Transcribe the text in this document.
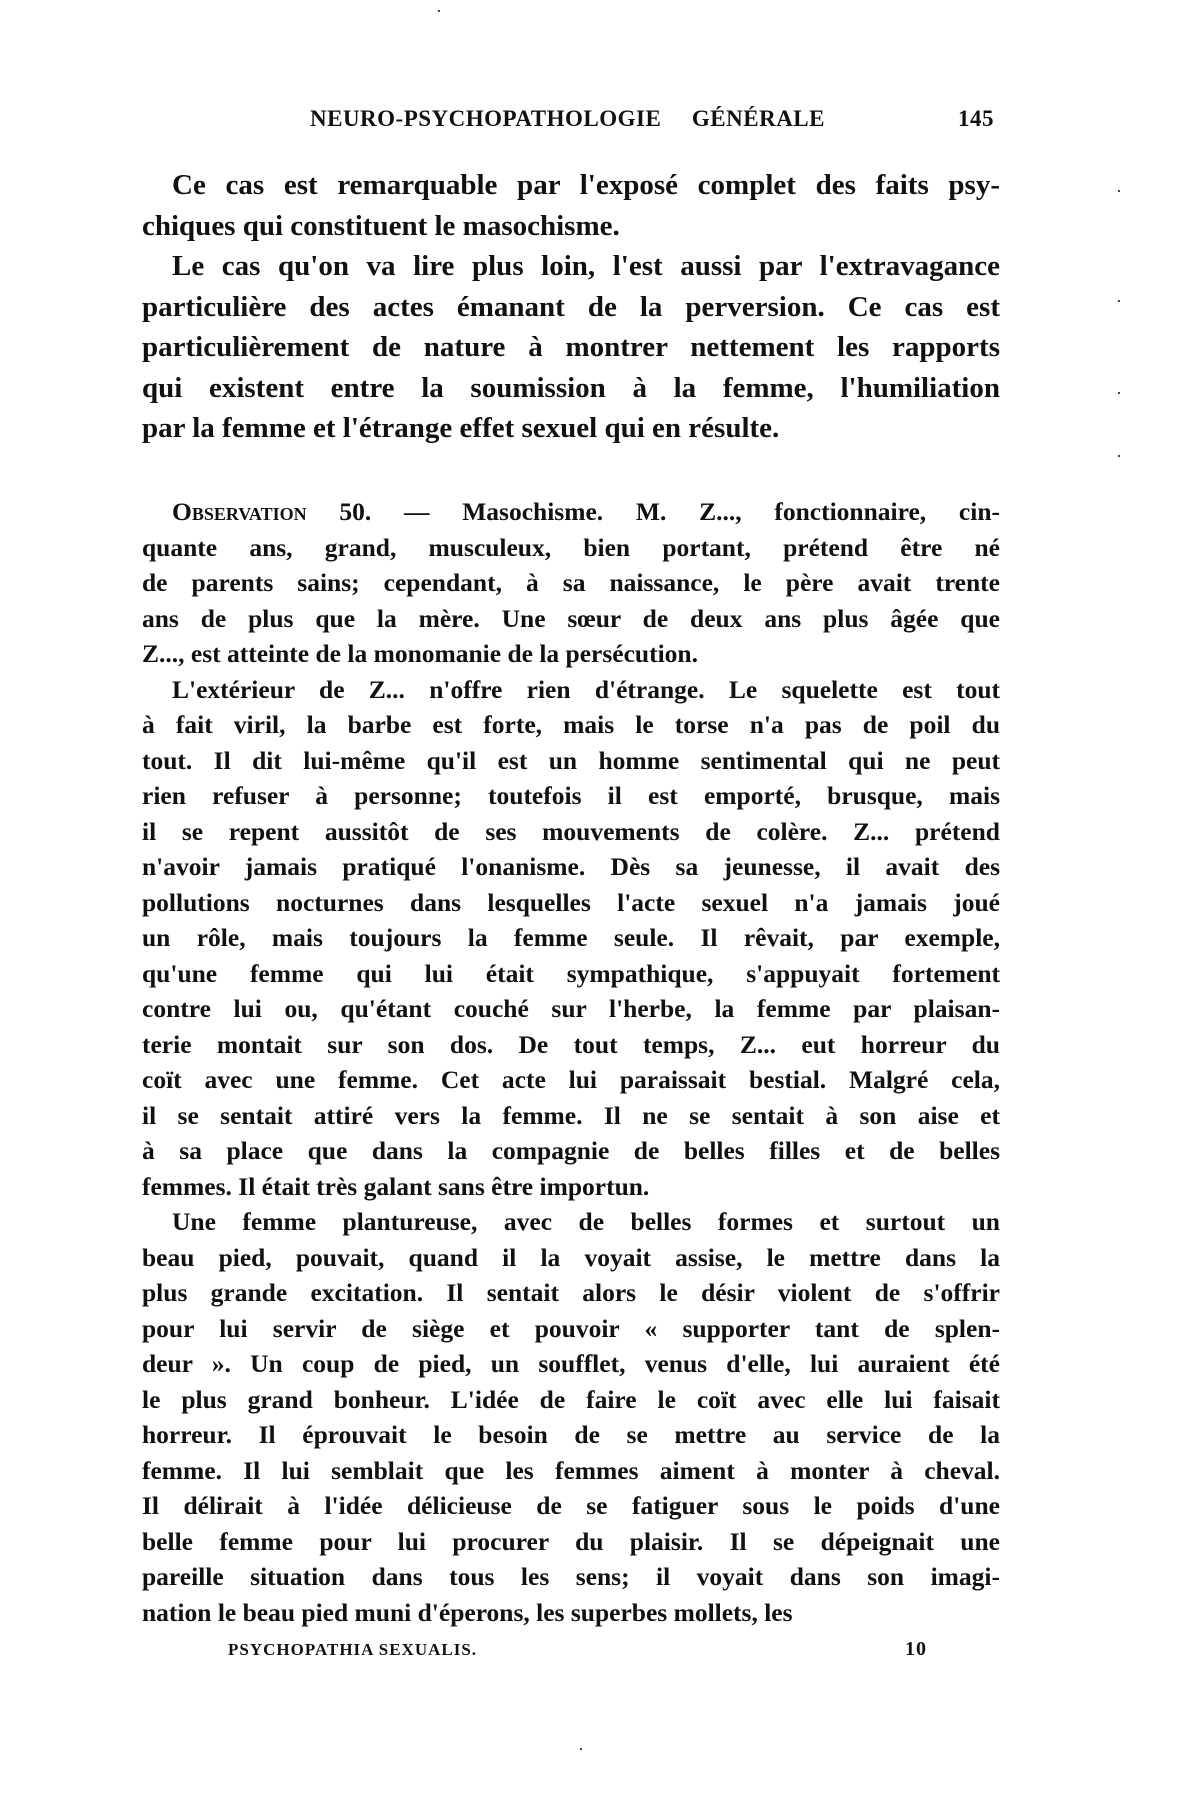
NEURO-PSYCHOPATHOLOGIE GÉNÉRALE	145
Ce cas est remarquable par l'exposé complet des faits psy-
chiques qui constituent le masochisme.
Le cas qu'on va lire plus loin, l'est aussi par l'extravagance
particulière des actes émanant de la perversion. Ce cas est
particulièrement de nature à montrer nettement les rapports
qui existent entre la soumission à la femme, l'humiliation
par la femme et l'étrange effet sexuel qui en résulte.
Observation 50. — Masochisme. M. Z..., fonctionnaire, cin-
quante ans, grand, musculeux, bien portant, prétend être né
de parents sains; cependant, à sa naissance, le père avait trente
ans de plus que la mère. Une sœur de deux ans plus âgée que
Z..., est atteinte de la monomanie de la persécution.
L'extérieur de Z... n'offre rien d'étrange. Le squelette est tout
à fait viril, la barbe est forte, mais le torse n'a pas de poil du
tout. Il dit lui-même qu'il est un homme sentimental qui ne peut
rien refuser à personne; toutefois il est emporté, brusque, mais
il se repent aussitôt de ses mouvements de colère. Z... prétend
n'avoir jamais pratiqué l'onanisme. Dès sa jeunesse, il avait des
pollutions nocturnes dans lesquelles l'acte sexuel n'a jamais joué
un rôle, mais toujours la femme seule. Il rêvait, par exemple,
qu'une femme qui lui était sympathique, s'appuyait fortement
contre lui ou, qu'étant couché sur l'herbe, la femme par plaisan-
terie montait sur son dos. De tout temps, Z... eut horreur du
coït avec une femme. Cet acte lui paraissait bestial. Malgré cela,
il se sentait attiré vers la femme. Il ne se sentait à son aise et
à sa place que dans la compagnie de belles filles et de belles
femmes. Il était très galant sans être importun.
Une femme plantureuse, avec de belles formes et surtout un
beau pied, pouvait, quand il la voyait assise, le mettre dans la
plus grande excitation. Il sentait alors le désir violent de s'offrir
pour lui servir de siège et pouvoir « supporter tant de splen-
deur ». Un coup de pied, un soufflet, venus d'elle, lui auraient été
le plus grand bonheur. L'idée de faire le coït avec elle lui faisait
horreur. Il éprouvait le besoin de se mettre au service de la
femme. Il lui semblait que les femmes aiment à monter à cheval.
Il délirait à l'idée délicieuse de se fatiguer sous le poids d'une
belle femme pour lui procurer du plaisir. Il se dépeignait une
pareille situation dans tous les sens; il voyait dans son imagi-
nation le beau pied muni d'éperons, les superbes mollets, les
PSYCHOPATHIA SEXUALIS.	10
